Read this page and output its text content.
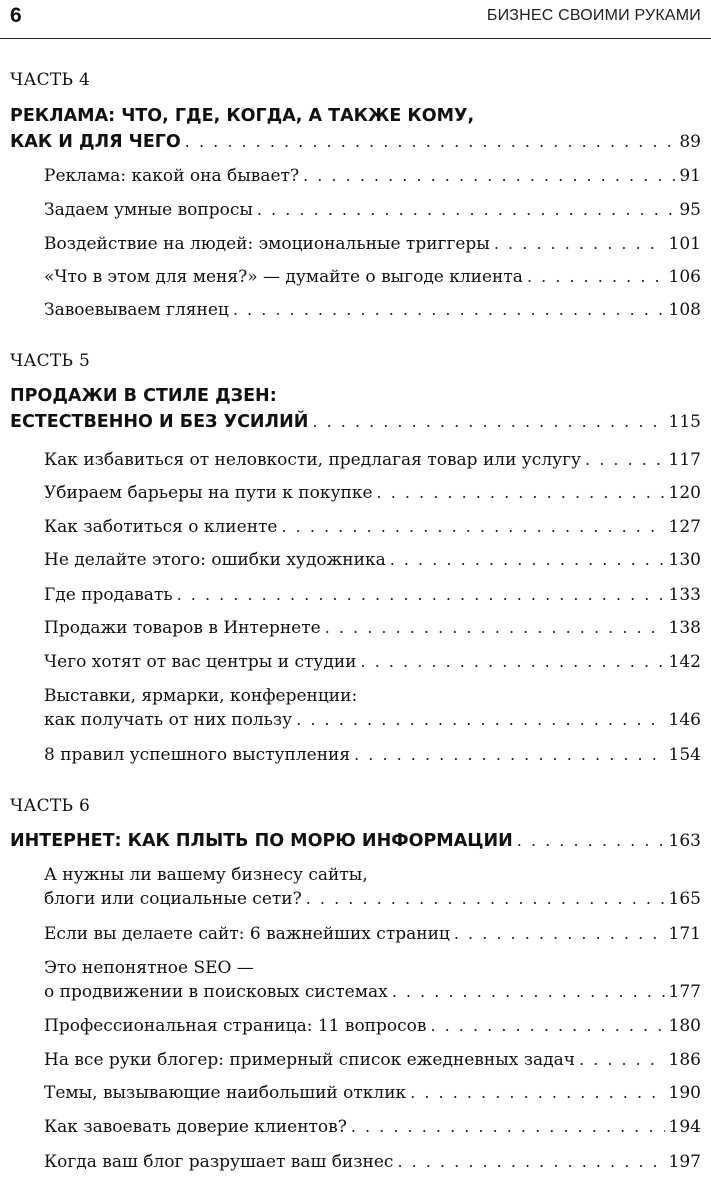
6	БИЗНЕС СВОИМИ РУКАМИ
ЧАСТЬ 4
РЕКЛАМА: ЧТО, ГДЕ, КОГДА, А ТАКЖЕ КОМУ,
КАК И ДЛЯ ЧЕГО . . .	89
Реклама: какой она бывает? . . .	91
Задаем умные вопросы . . .	95
Воздействие на людей: эмоциональные триггеры . . .	101
«Что в этом для меня?» — думайте о выгоде клиента . . .	106
Завоевываем глянец . . .	108
ЧАСТЬ 5
ПРОДАЖИ В СТИЛЕ ДЗЕН:
ЕСТЕСТВЕННО И БЕЗ УСИЛИЙ . . .	115
Как избавиться от неловкости, предлагая товар или услугу . . .	117
Убираем барьеры на пути к покупке . . .	120
Как заботиться о клиенте . . .	127
Не делайте этого: ошибки художника . . .	130
Где продавать . . .	133
Продажи товаров в Интернете . . .	138
Чего хотят от вас центры и студии . . .	142
Выставки, ярмарки, конференции:
как получать от них пользу . . .	146
8 правил успешного выступления . . .	154
ЧАСТЬ 6
ИНТЕРНЕТ: КАК ПЛЫТЬ ПО МОРЮ ИНФОРМАЦИИ . . .	163
А нужны ли вашему бизнесу сайты,
блоги или социальные сети? . . .	165
Если вы делаете сайт: 6 важнейших страниц . . .	171
Это непонятное SEO —
о продвижении в поисковых системах . . .	177
Профессиональная страница: 11 вопросов . . .	180
На все руки блогер: примерный список ежедневных задач . . .	186
Темы, вызывающие наибольший отклик . . .	190
Как завоевать доверие клиентов? . . .	194
Когда ваш блог разрушает ваш бизнес . . .	197
